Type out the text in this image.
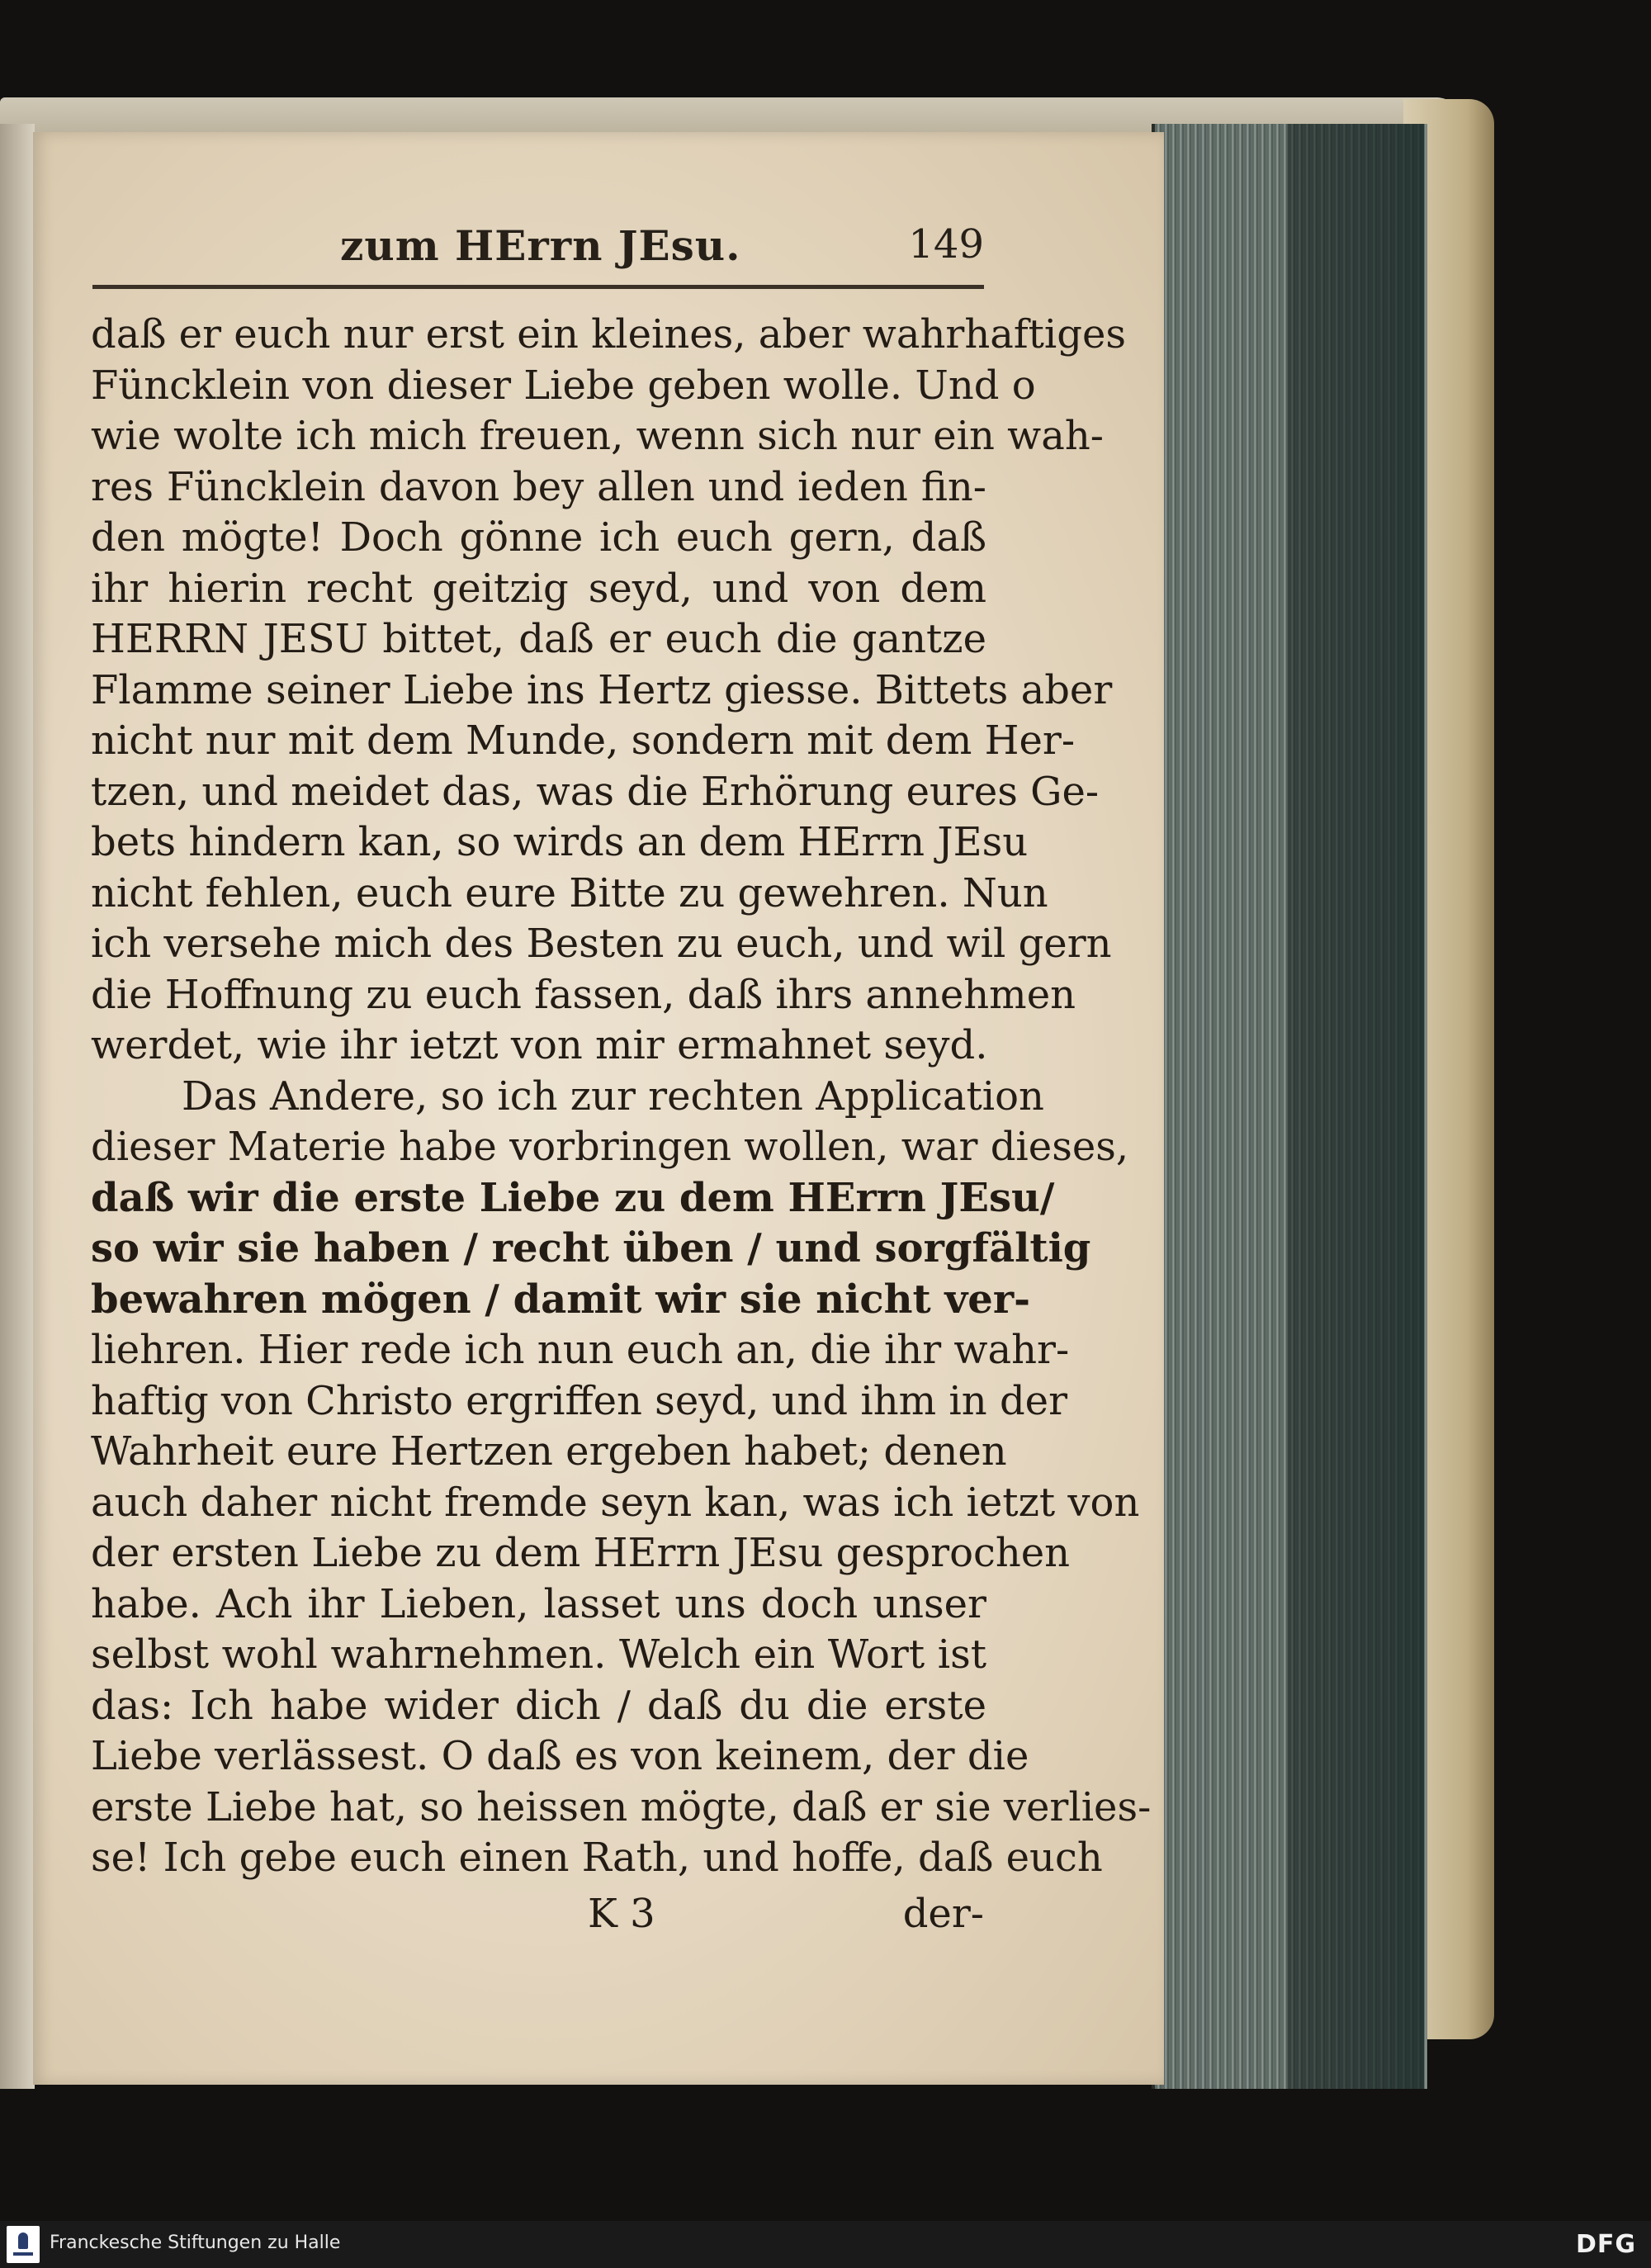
zum HErrn JEsu.	149
daß er euch nur erst ein kleines, aber wahrhaftiges
Füncklein von dieser Liebe geben wolle. Und o
wie wolte ich mich freuen, wenn sich nur ein wah-
res Füncklein davon bey allen und ieden fin-
den mögte! Doch gönne ich euch gern, daß
ihr hierin recht geitzig seyd, und von dem
HERRN JESU bittet, daß er euch die gantze
Flamme seiner Liebe ins Hertz giesse. Bittets aber
nicht nur mit dem Munde, sondern mit dem Her-
tzen, und meidet das, was die Erhörung eures Ge-
bets hindern kan, so wirds an dem HErrn JEsu
nicht fehlen, euch eure Bitte zu gewehren. Nun
ich versehe mich des Besten zu euch, und wil gern
die Hoffnung zu euch fassen, daß ihrs annehmen
werdet, wie ihr ietzt von mir ermahnet seyd.
Das Andere, so ich zur rechten Application
dieser Materie habe vorbringen wollen, war dieses,
daß wir die erste Liebe zu dem HErrn JEsu/
so wir sie haben / recht üben / und sorgfältig
bewahren mögen / damit wir sie nicht ver-
liehren. Hier rede ich nun euch an, die ihr wahr-
haftig von Christo ergriffen seyd, und ihm in der
Wahrheit eure Hertzen ergeben habet; denen
auch daher nicht fremde seyn kan, was ich ietzt von
der ersten Liebe zu dem HErrn JEsu gesprochen
habe. Ach ihr Lieben, lasset uns doch unser
selbst wohl wahrnehmen. Welch ein Wort ist
das: Ich habe wider dich / daß du die erste
Liebe verlässest. O daß es von keinem, der die
erste Liebe hat, so heissen mögte, daß er sie verlies-
se! Ich gebe euch einen Rath, und hoffe, daß euch
K 3	der-
Franckesche Stiftungen zu Halle	DFG
